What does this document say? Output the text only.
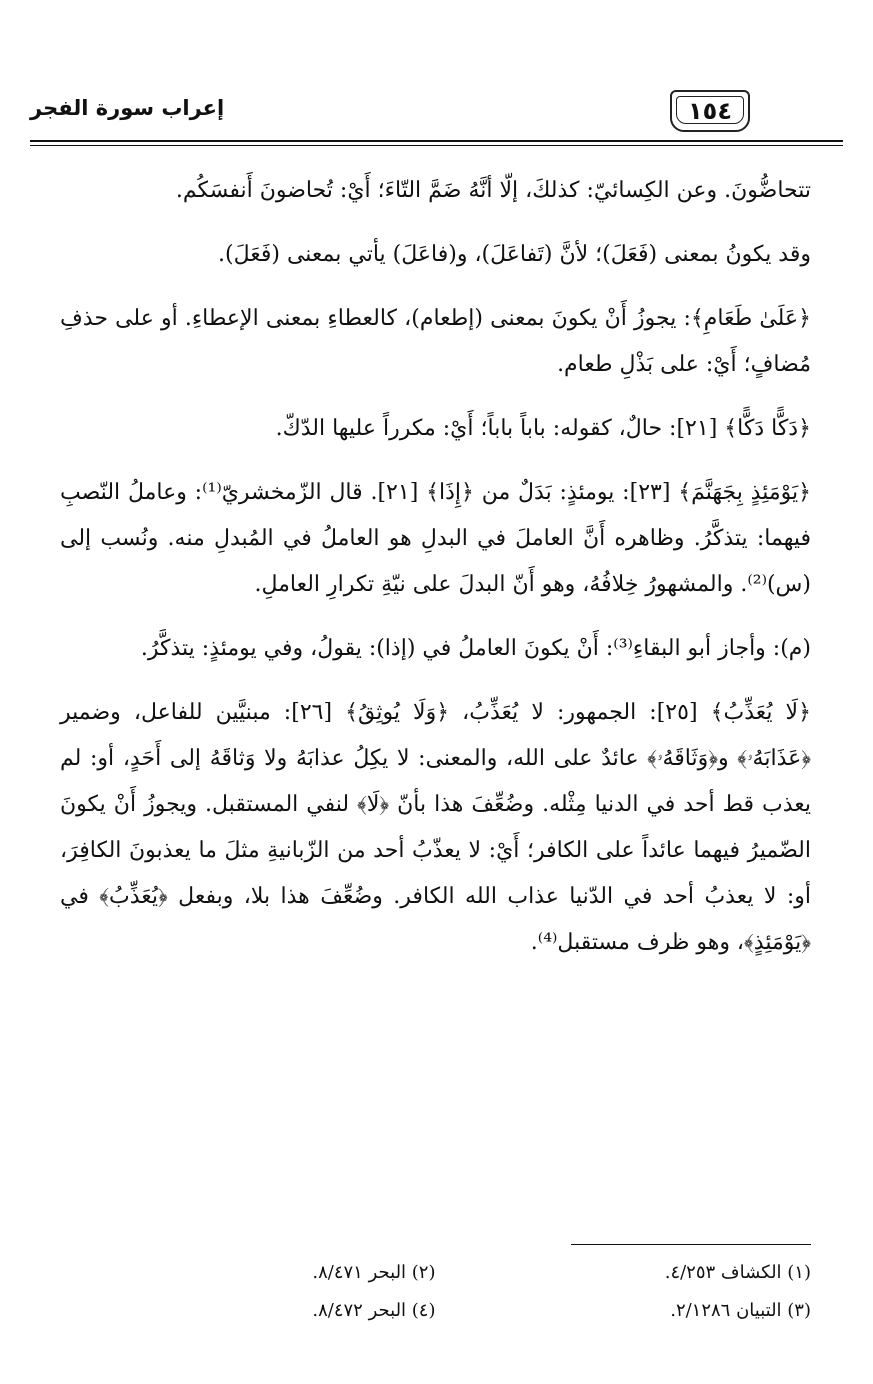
١٥٤
إعراب سورة الفجر

تتحاضُّونَ. وعن الكِسائيّ: كذلكَ، إلّا أنَّهُ ضَمَّ التّاءَ؛ أَيْ: تُحاضونَ أَنفسَكُم.

وقد يكونُ بمعنى (فَعَلَ)؛ لأنَّ (تَفاعَلَ)، و(فاعَلَ) يأتي بمعنى (فَعَلَ).

﴿عَلَىٰ طَعَامِ﴾: يجوزُ أَنْ يكونَ بمعنى (إطعام)، كالعطاءِ بمعنى الإعطاءِ. أو على حذفِ مُضافٍ؛ أَيْ: على بَذْلِ طعام.

﴿دَكًّا دَكًّا﴾ [٢١]: حالٌ، كقوله: باباً باباً؛ أَيْ: مكرراً عليها الدّكّ.

﴿يَوْمَئِذٍ بِجَهَنَّمَ﴾ [٢٣]: يومئذٍ: بَدَلٌ من ﴿إِذَا﴾ [٢١]. قال الزّمخشريّ⁽¹⁾: وعاملُ النّصبِ فيهما: يتذكَّرُ. وظاهره أَنَّ العاملَ في البدلِ هو العاملُ في المُبدلِ منه. ونُسب إلى (س)⁽²⁾. والمشهورُ خِلافُهُ، وهو أَنّ البدلَ على نيّةِ تكرارِ العاملِ.

(م): وأجاز أبو البقاءِ⁽³⁾: أَنْ يكونَ العاملُ في (إذا): يقولُ، وفي يومئذٍ: يتذكَّرُ.

﴿لَا يُعَذِّبُ﴾ [٢٥]: الجمهور: لا يُعَذِّبُ، ﴿وَلَا يُوثِقُ﴾ [٢٦]: مبنيَّين للفاعل، وضمير ﴿عَذَابَهُۥ﴾ و﴿وَثَاقَهُۥ﴾ عائدٌ على الله، والمعنى: لا يكِلُ عذابَهُ ولا وَثاقَهُ إلى أَحَدٍ، أو: لم يعذب قط أحد في الدنيا مِثْله. وضُعِّفَ هذا بأنّ ﴿لَا﴾ لنفي المستقبل. ويجوزُ أَنْ يكونَ الضّميرُ فيهما عائداً على الكافر؛ أَيْ: لا يعذّبُ أحد من الزّبانيةِ مثلَ ما يعذبونَ الكافِرَ، أو: لا يعذبُ أحد في الدّنيا عذاب الله الكافر. وضُعِّفَ هذا بلا، وبفعل ﴿يُعَذِّبُ﴾ في ﴿يَوْمَئِذٍ﴾، وهو ظرف مستقبل⁽⁴⁾.

(١) الكشاف ٤/٢٥٣.
(٢) البحر ٨/٤٧١.
(٣) التبيان ٢/١٢٨٦.
(٤) البحر ٨/٤٧٢.
